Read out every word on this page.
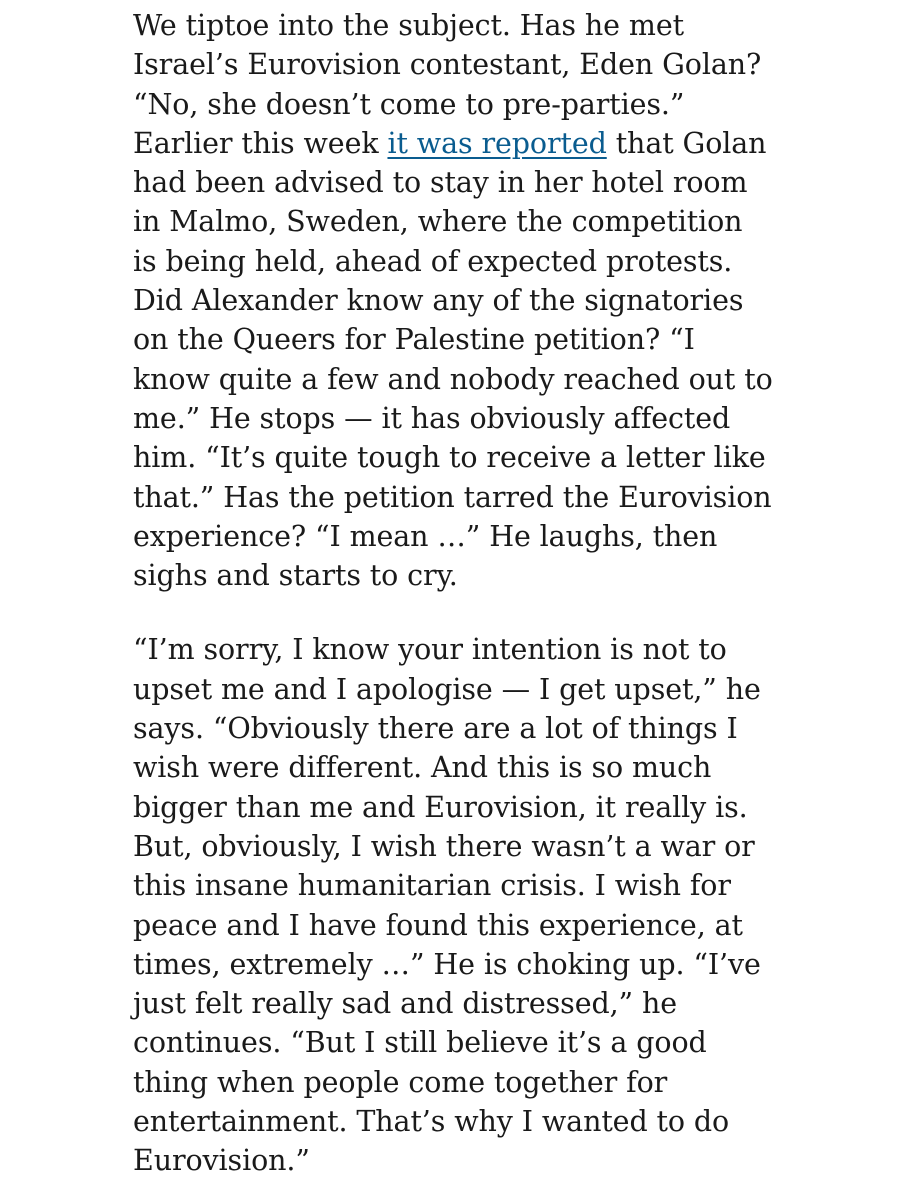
We tiptoe into the subject. Has he met
Israel’s Eurovision contestant, Eden Golan?
“No, she doesn’t come to pre-parties.”
Earlier this week it was reported that Golan
had been advised to stay in her hotel room
in Malmo, Sweden, where the competition
is being held, ahead of expected protests.
Did Alexander know any of the signatories
on the Queers for Palestine petition? “I
know quite a few and nobody reached out to
me.” He stops — it has obviously affected
him. “It’s quite tough to receive a letter like
that.” Has the petition tarred the Eurovision
experience? “I mean …” He laughs, then
sighs and starts to cry.

“I’m sorry, I know your intention is not to
upset me and I apologise — I get upset,” he
says. “Obviously there are a lot of things I
wish were different. And this is so much
bigger than me and Eurovision, it really is.
But, obviously, I wish there wasn’t a war or
this insane humanitarian crisis. I wish for
peace and I have found this experience, at
times, extremely …” He is choking up. “I’ve
just felt really sad and distressed,” he
continues. “But I still believe it’s a good
thing when people come together for
entertainment. That’s why I wanted to do
Eurovision.”
